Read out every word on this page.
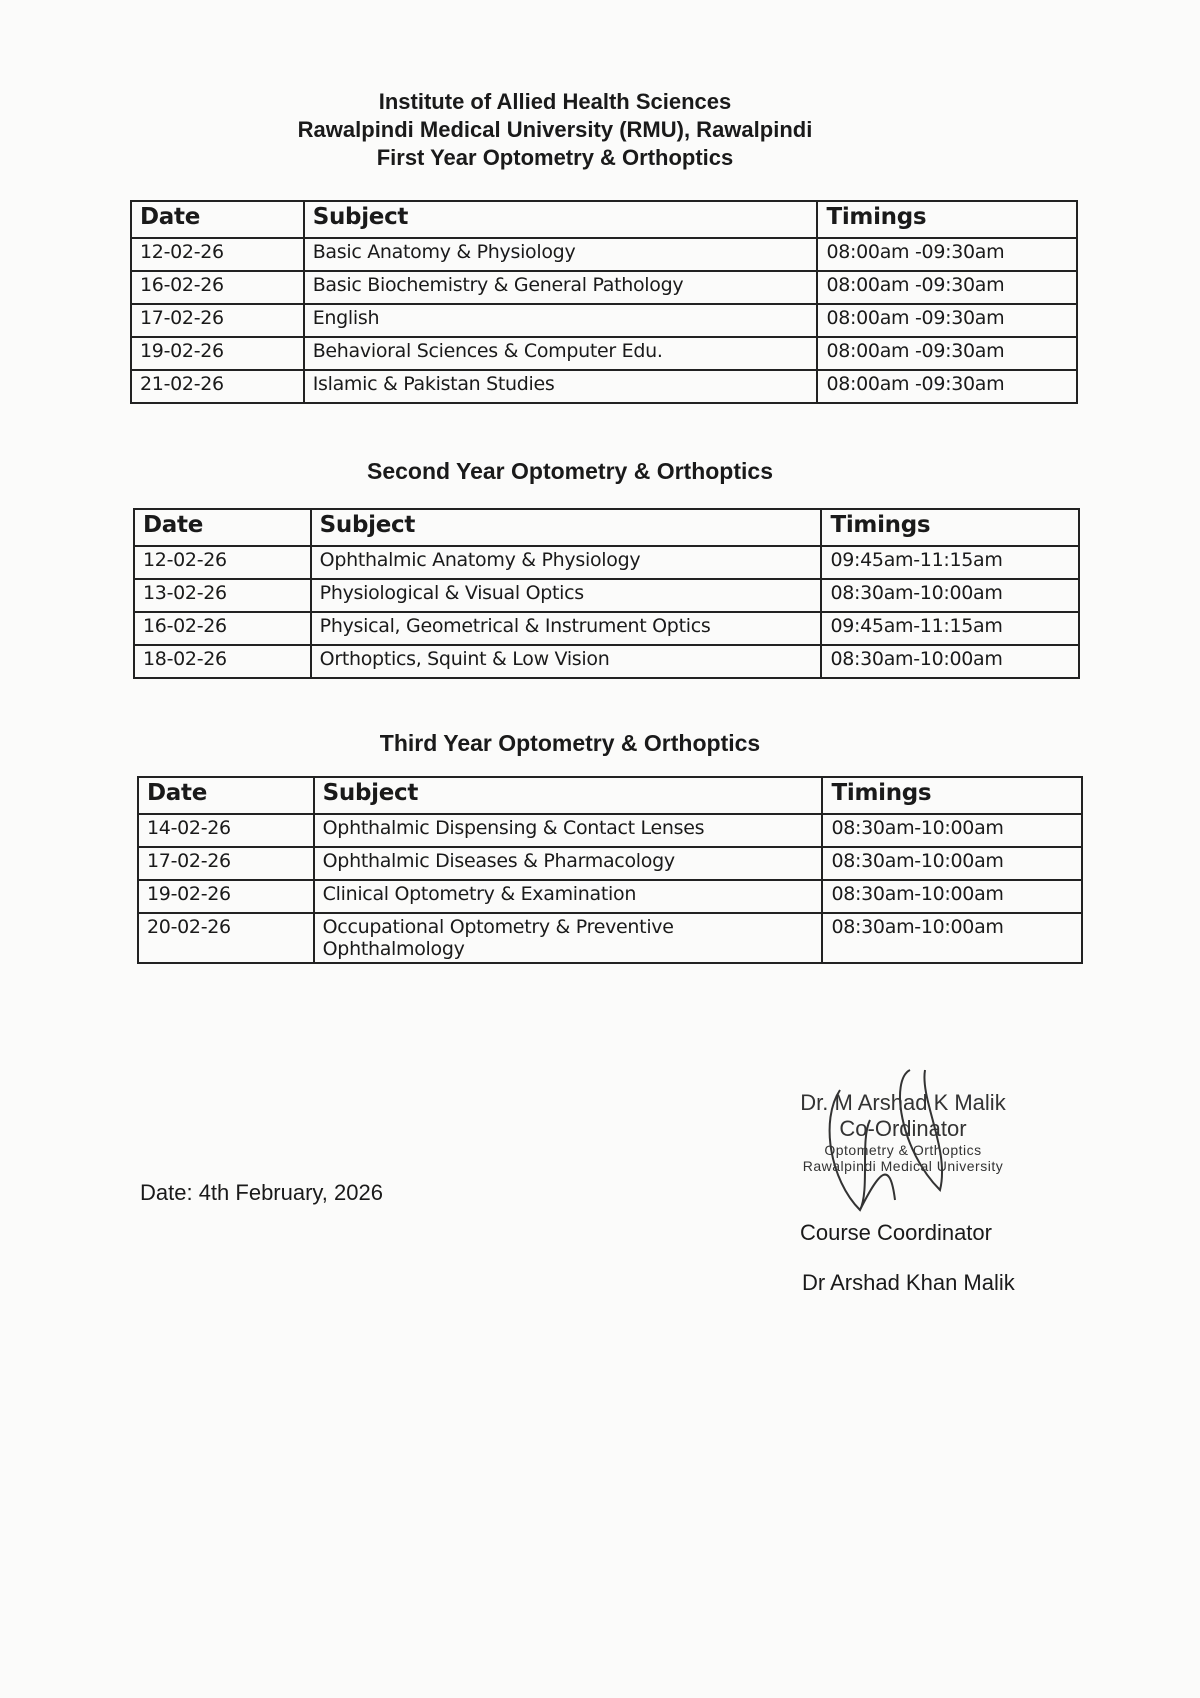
Institute of Allied Health Sciences
Rawalpindi Medical University (RMU), Rawalpindi
First Year Optometry & Orthoptics
Date	Subject	Timings
12-02-26	Basic Anatomy & Physiology	08:00am -09:30am
16-02-26	Basic Biochemistry & General Pathology	08:00am -09:30am
17-02-26	English	08:00am -09:30am
19-02-26	Behavioral Sciences & Computer Edu.	08:00am -09:30am
21-02-26	Islamic & Pakistan Studies	08:00am -09:30am
Second Year Optometry & Orthoptics
Date	Subject	Timings
12-02-26	Ophthalmic Anatomy & Physiology	09:45am-11:15am
13-02-26	Physiological & Visual Optics	08:30am-10:00am
16-02-26	Physical, Geometrical & Instrument Optics	09:45am-11:15am
18-02-26	Orthoptics, Squint & Low Vision	08:30am-10:00am
Third Year Optometry & Orthoptics
Date	Subject	Timings
14-02-26	Ophthalmic Dispensing & Contact Lenses	08:30am-10:00am
17-02-26	Ophthalmic Diseases & Pharmacology	08:30am-10:00am
19-02-26	Clinical Optometry & Examination	08:30am-10:00am
20-02-26	Occupational Optometry & Preventive Ophthalmology	08:30am-10:00am
Date: 4th February, 2026
Dr. M Arshad K Malik
Co-Ordinator
Optometry & Orthoptics
Rawalpindi Medical University
Course Coordinator
Dr Arshad Khan Malik
